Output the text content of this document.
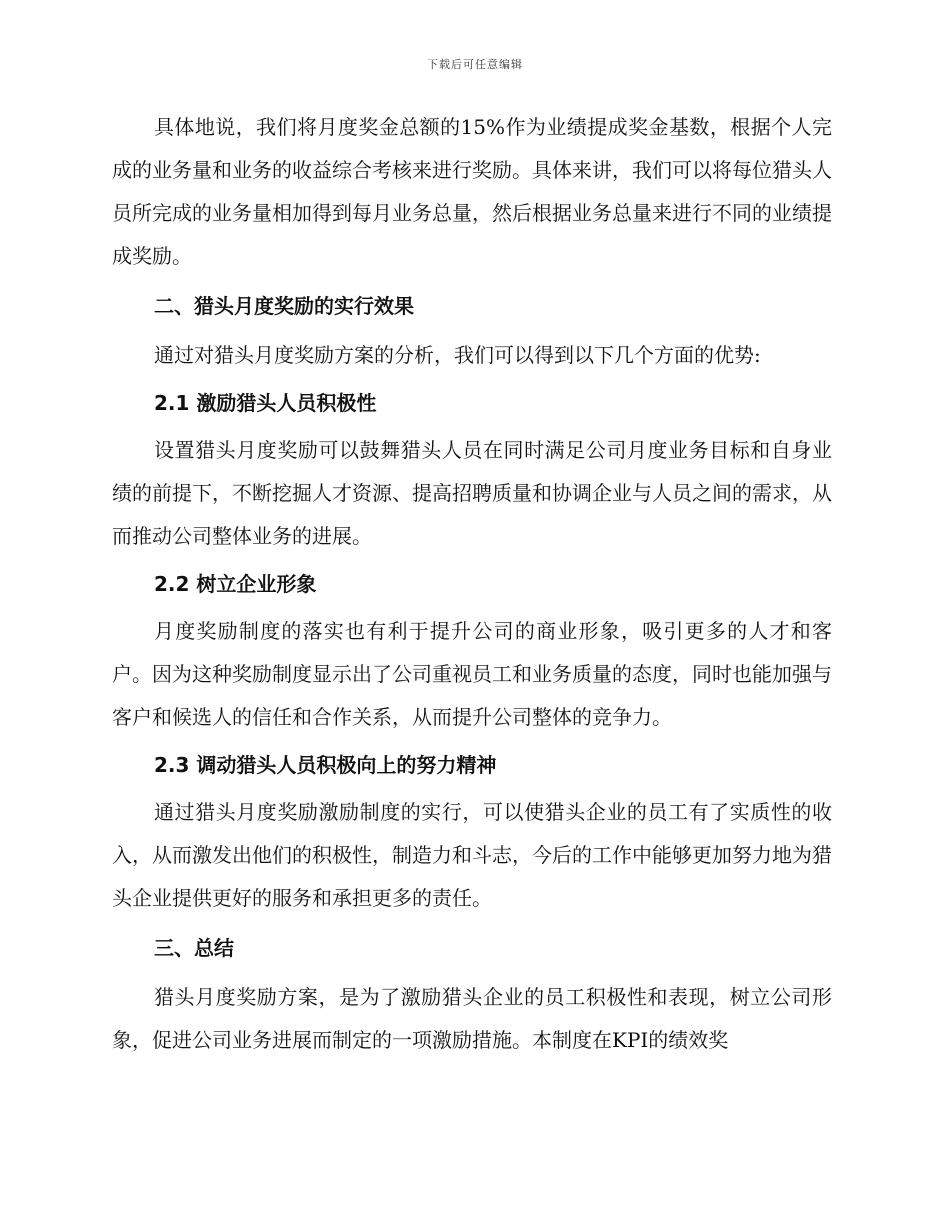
下载后可任意编辑

具体地说，我们将月度奖金总额的15%作为业绩提成奖金基数，根据个人完成的业务量和业务的收益综合考核来进行奖励。具体来讲，我们可以将每位猎头人员所完成的业务量相加得到每月业务总量，然后根据业务总量来进行不同的业绩提成奖励。

二、猎头月度奖励的实行效果

通过对猎头月度奖励方案的分析，我们可以得到以下几个方面的优势:

2.1 激励猎头人员积极性

设置猎头月度奖励可以鼓舞猎头人员在同时满足公司月度业务目标和自身业绩的前提下，不断挖掘人才资源、提高招聘质量和协调企业与人员之间的需求，从而推动公司整体业务的进展。

2.2 树立企业形象

月度奖励制度的落实也有利于提升公司的商业形象，吸引更多的人才和客户。因为这种奖励制度显示出了公司重视员工和业务质量的态度，同时也能加强与客户和候选人的信任和合作关系，从而提升公司整体的竞争力。

2.3 调动猎头人员积极向上的努力精神

通过猎头月度奖励激励制度的实行，可以使猎头企业的员工有了实质性的收入，从而激发出他们的积极性，制造力和斗志，今后的工作中能够更加努力地为猎头企业提供更好的服务和承担更多的责任。

三、总结

猎头月度奖励方案，是为了激励猎头企业的员工积极性和表现，树立公司形象，促进公司业务进展而制定的一项激励措施。本制度在KPI的绩效奖
